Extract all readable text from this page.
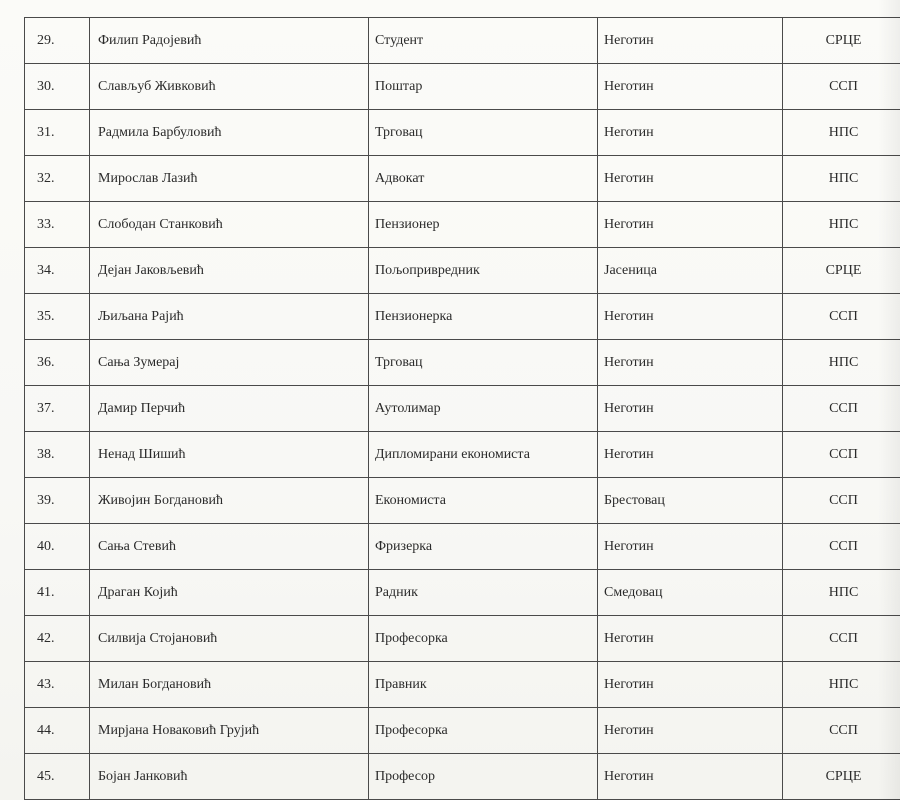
29.	Филип Радојевић	Студент	Неготин	СРЦЕ
30.	Слављуб Живковић	Поштар	Неготин	ССП
31.	Радмила Барбуловић	Трговац	Неготин	НПС
32.	Мирослав Лазић	Адвокат	Неготин	НПС
33.	Слободан Станковић	Пензионер	Неготин	НПС
34.	Дејан Јаковљевић	Пољопривредник	Јасеница	СРЦЕ
35.	Љиљана Рајић	Пензионерка	Неготин	ССП
36.	Сања Зумерај	Трговац	Неготин	НПС
37.	Дамир Перчић	Аутолимар	Неготин	ССП
38.	Ненад Шишић	Дипломирани економиста	Неготин	ССП
39.	Живојин Богдановић	Економиста	Брестовац	ССП
40.	Сања Стевић	Фризерка	Неготин	ССП
41.	Драган Којић	Радник	Смедовац	НПС
42.	Силвија Стојановић	Професорка	Неготин	ССП
43.	Милан Богдановић	Правник	Неготин	НПС
44.	Мирјана Новаковић Грујић	Професорка	Неготин	ССП
45.	Бојан Јанковић	Професор	Неготин	СРЦЕ
